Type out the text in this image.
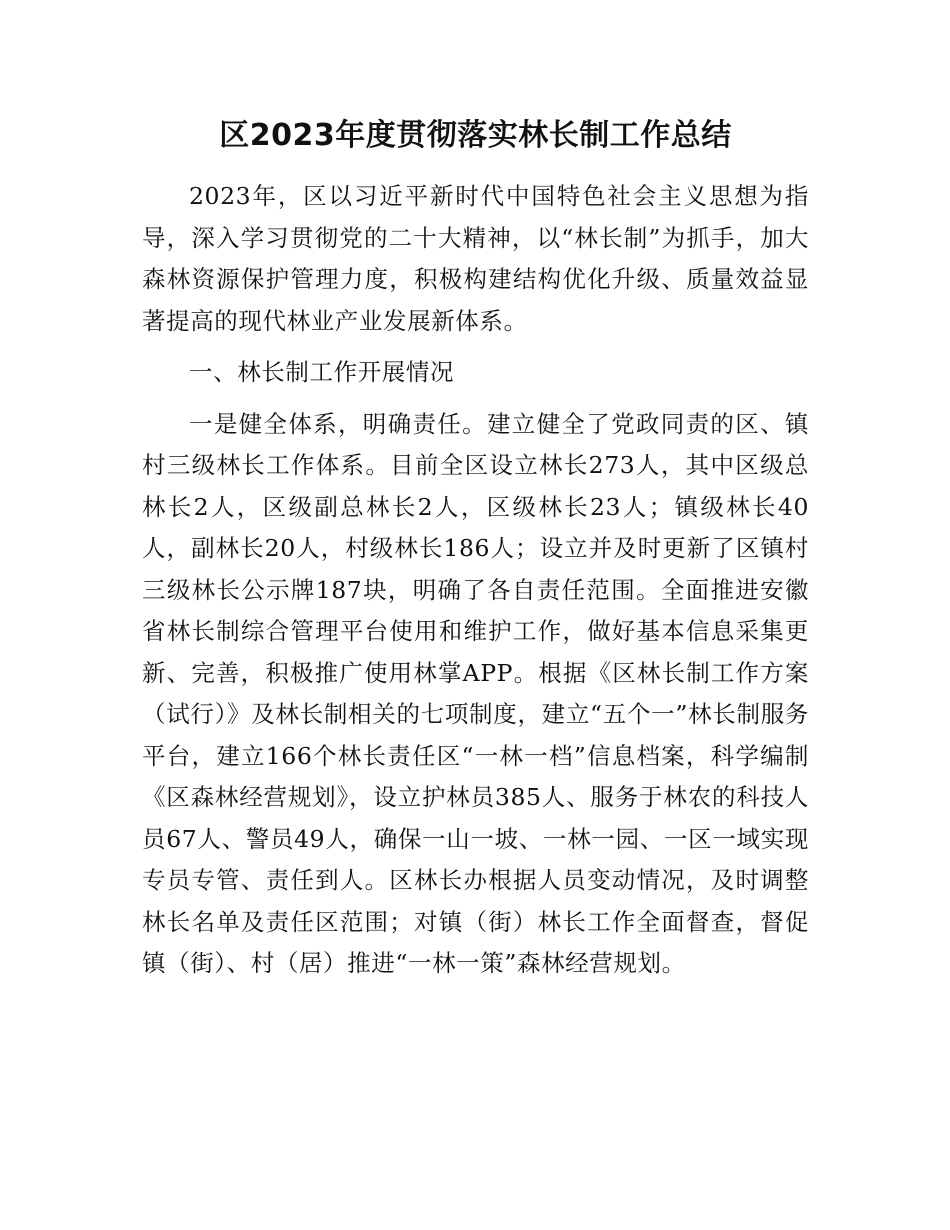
区2023年度贯彻落实林长制工作总结

2023年，区以习近平新时代中国特色社会主义思想为指导，深入学习贯彻党的二十大精神，以“林长制”为抓手，加大森林资源保护管理力度，积极构建结构优化升级、质量效益显著提高的现代林业产业发展新体系。

一、林长制工作开展情况

一是健全体系，明确责任。建立健全了党政同责的区、镇村三级林长工作体系。目前全区设立林长273人，其中区级总林长2人，区级副总林长2人，区级林长23人；镇级林长40人，副林长20人，村级林长186人；设立并及时更新了区镇村三级林长公示牌187块，明确了各自责任范围。全面推进安徽省林长制综合管理平台使用和维护工作，做好基本信息采集更新、完善，积极推广使用林掌APP。根据《区林长制工作方案（试行）》及林长制相关的七项制度，建立“五个一”林长制服务平台，建立166个林长责任区“一林一档”信息档案，科学编制《区森林经营规划》，设立护林员385人、服务于林农的科技人员67人、警员49人，确保一山一坡、一林一园、一区一域实现专员专管、责任到人。区林长办根据人员变动情况，及时调整林长名单及责任区范围；对镇（街）林长工作全面督查，督促镇（街）、村（居）推进“一林一策”森林经营规划。
